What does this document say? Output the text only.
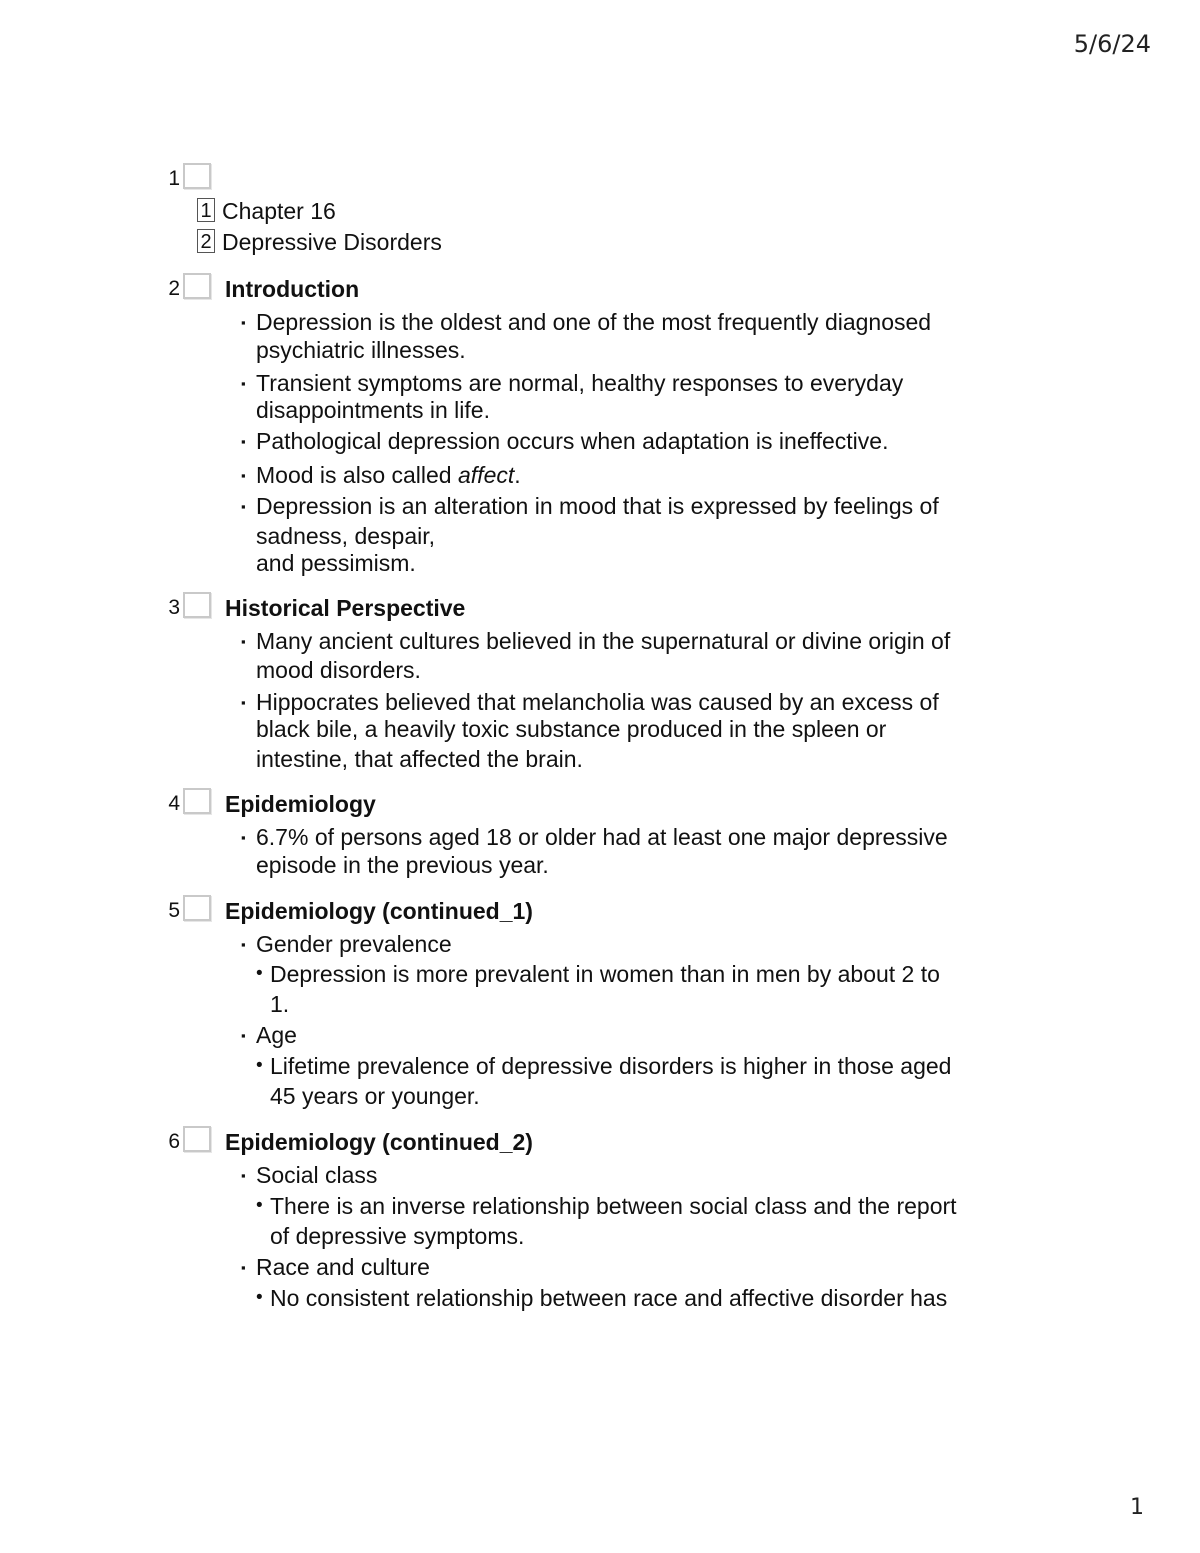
5/6/24
1
1 Chapter 16
2 Depressive Disorders
2 Introduction
▪ Depression is the oldest and one of the most frequently diagnosed
psychiatric illnesses.
▪ Transient symptoms are normal, healthy responses to everyday
disappointments in life.
▪ Pathological depression occurs when adaptation is ineffective.
▪ Mood is also called affect.
▪ Depression is an alteration in mood that is expressed by feelings of
sadness, despair,
and pessimism.
3 Historical Perspective
▪ Many ancient cultures believed in the supernatural or divine origin of
mood disorders.
▪ Hippocrates believed that melancholia was caused by an excess of
black bile, a heavily toxic substance produced in the spleen or
intestine, that affected the brain.
4 Epidemiology
▪ 6.7% of persons aged 18 or older had at least one major depressive
episode in the previous year.
5 Epidemiology (continued_1)
▪ Gender prevalence
• Depression is more prevalent in women than in men by about 2 to
1.
▪ Age
• Lifetime prevalence of depressive disorders is higher in those aged
45 years or younger.
6 Epidemiology (continued_2)
▪ Social class
• There is an inverse relationship between social class and the report
of depressive symptoms.
▪ Race and culture
• No consistent relationship between race and affective disorder has
1
